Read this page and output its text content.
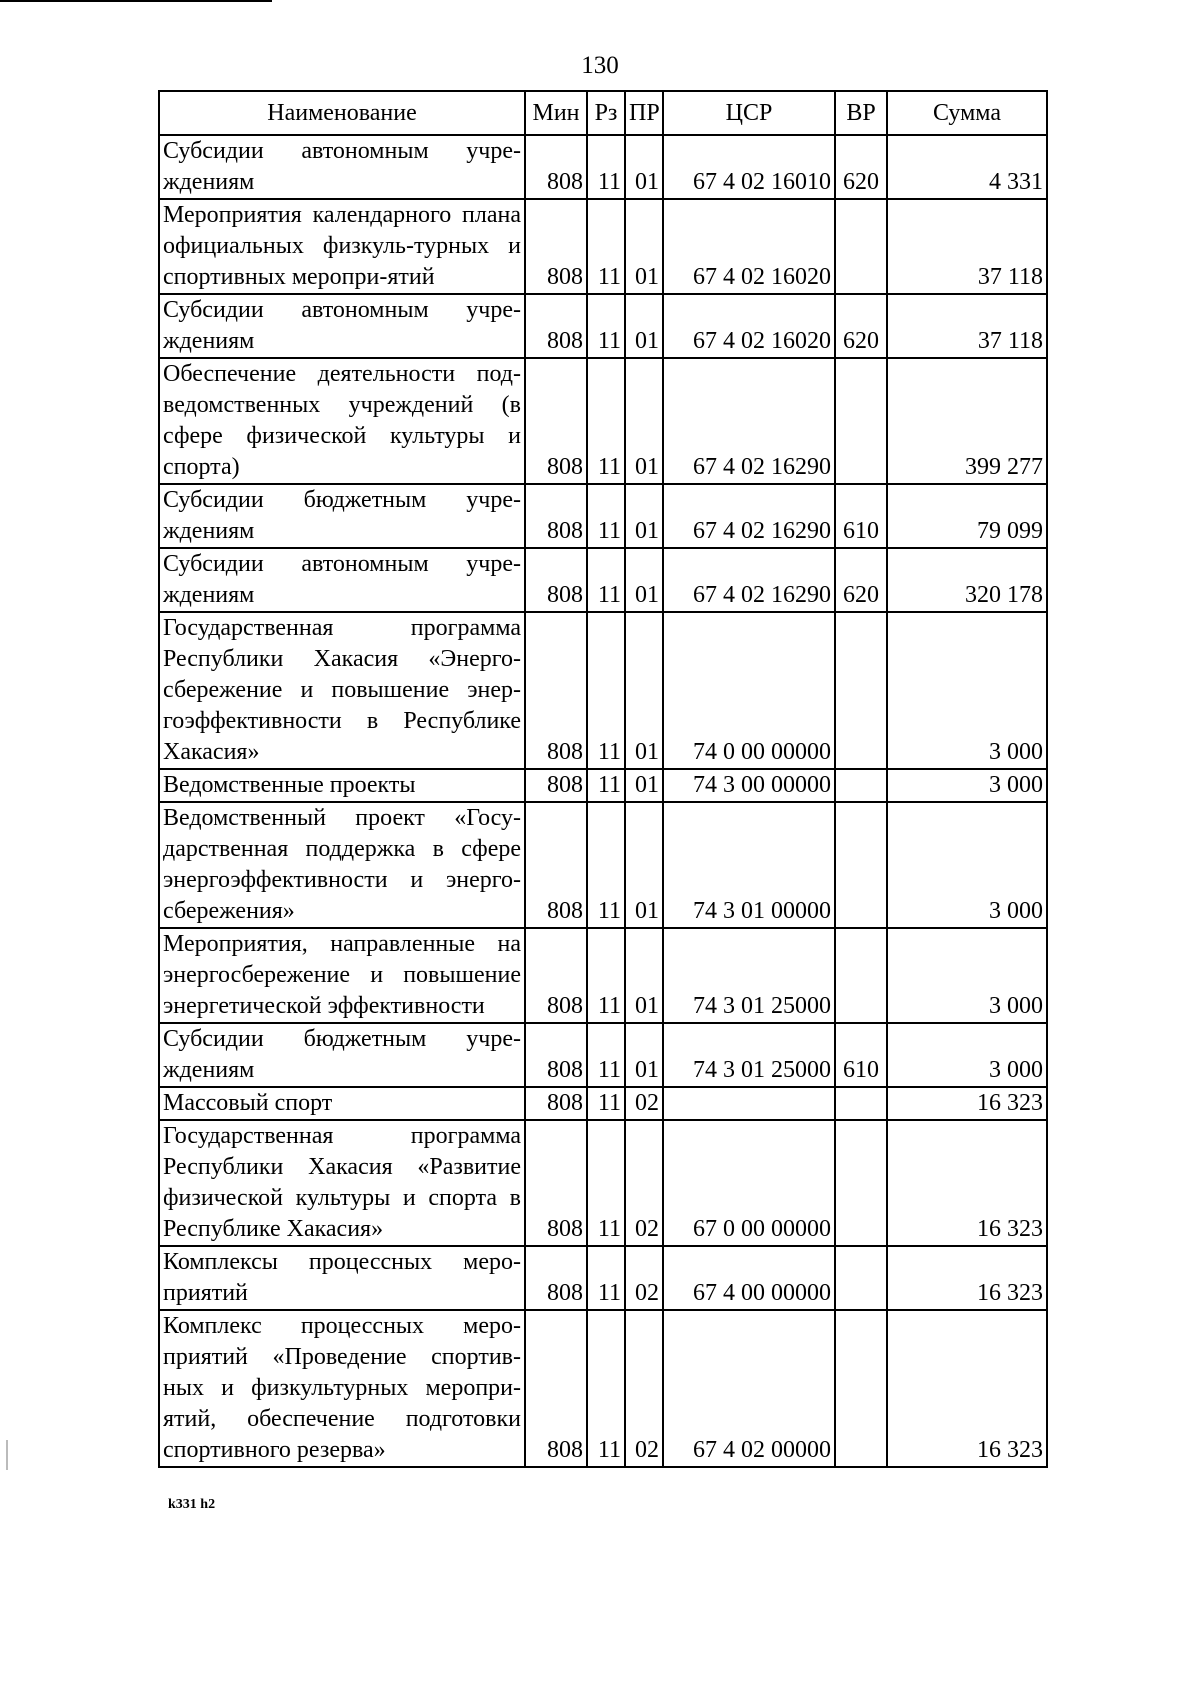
130
Наименование	Мин	Рз	ПР	ЦСР	ВР	Сумма
Субсидии автономным учре-ждениям	808	11	01	67 4 02 16010	620	4 331
Мероприятия календарного плана официальных физкуль-турных и спортивных меропри-ятий	808	11	01	67 4 02 16020		37 118
Субсидии автономным учре-ждениям	808	11	01	67 4 02 16020	620	37 118
Обеспечение деятельности под-ведомственных учреждений (в сфере физической культуры и спорта)	808	11	01	67 4 02 16290		399 277
Субсидии бюджетным учре-ждениям	808	11	01	67 4 02 16290	610	79 099
Субсидии автономным учре-ждениям	808	11	01	67 4 02 16290	620	320 178
Государственная программа Республики Хакасия «Энерго-сбережение и повышение энер-гоэффективности в Республике Хакасия»	808	11	01	74 0 00 00000		3 000
Ведомственные проекты	808	11	01	74 3 00 00000		3 000
Ведомственный проект «Госу-дарственная поддержка в сфере энергоэффективности и энерго-сбережения»	808	11	01	74 3 01 00000		3 000
Мероприятия, направленные на энергосбережение и повышение энергетической эффективности	808	11	01	74 3 01 25000		3 000
Субсидии бюджетным учре-ждениям	808	11	01	74 3 01 25000	610	3 000
Массовый спорт	808	11	02			16 323
Государственная программа Республики Хакасия «Развитие физической культуры и спорта в Республике Хакасия»	808	11	02	67 0 00 00000		16 323
Комплексы процессных меро-приятий	808	11	02	67 4 00 00000		16 323
Комплекс процессных меро-приятий «Проведение спортив-ных и физкультурных меропри-ятий, обеспечение подготовки спортивного резерва»	808	11	02	67 4 02 00000		16 323
k331 h2
